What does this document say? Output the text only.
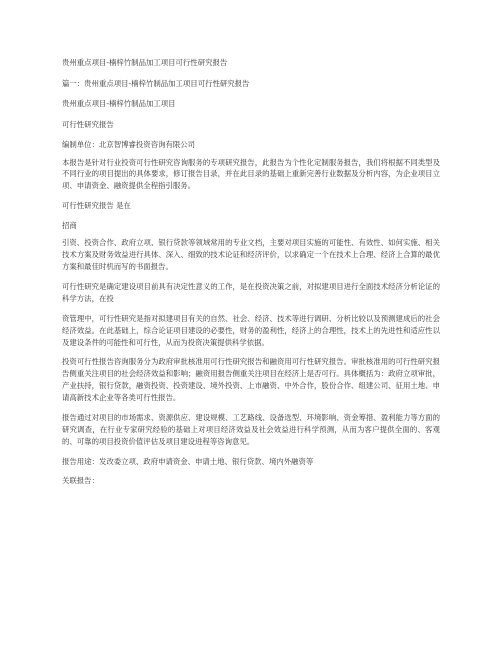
贵州重点项目-楠梓竹制品加工项目可行性研究报告

篇一：贵州重点项目-楠梓竹制品加工项目可行性研究报告

贵州重点项目-楠梓竹制品加工项目

可行性研究报告

编制单位：北京智博睿投资咨询有限公司

本报告是针对行业投资可行性研究咨询服务的专项研究报告，此报告为个性化定制服务报告，我们将根据不同类型及不同行业的项目提出的具体要求，修订报告目录，并在此目录的基础上重新完善行业数据及分析内容，为企业项目立项、申请资金、融资提供全程指引服务。

可行性研究报告 是在

招商

引资、投资合作、政府立项、银行贷款等领域常用的专业文档，主要对项目实施的可能性、有效性、如何实施、相关技术方案及财务效益进行具体、深入、细致的技术论证和经济评价，以求确定一个在技术上合理、经济上合算的最优方案和最佳时机而写的书面报告。

可行性研究是确定建设项目前具有决定性意义的工作，是在投资决策之前，对拟建项目进行全面技术经济分析论证的科学方法，在投

资管理中，可行性研究是指对拟建项目有关的自然、社会、经济、技术等进行调研、分析比较以及预测建成后的社会经济效益。在此基础上，综合论证项目建设的必要性，财务的盈利性，经济上的合理性，技术上的先进性和适应性以及建设条件的可能性和可行性，从而为投资决策提供科学依据。

投资可行性报告咨询服务分为政府审批核准用可行性研究报告和融资用可行性研究报告。审批核准用的可行性研究报告侧重关注项目的社会经济效益和影响；融资用报告侧重关注项目在经济上是否可行。具体概括为：政府立项审批，产业扶持，银行贷款，融资投资、投资建设、境外投资、上市融资、中外合作，股份合作、组建公司、征用土地、申请高新技术企业等各类可行性报告。

报告通过对项目的市场需求、资源供应、建设规模、工艺路线、设备选型、环境影响、资金筹措、盈利能力等方面的研究调查，在行业专家研究经验的基础上对项目经济效益及社会效益进行科学预测，从而为客户提供全面的、客观的、可靠的项目投资价值评估及项目建设进程等咨询意见。

报告用途：发改委立项、政府申请资金、申请土地、银行贷款、境内外融资等

关联报告：
